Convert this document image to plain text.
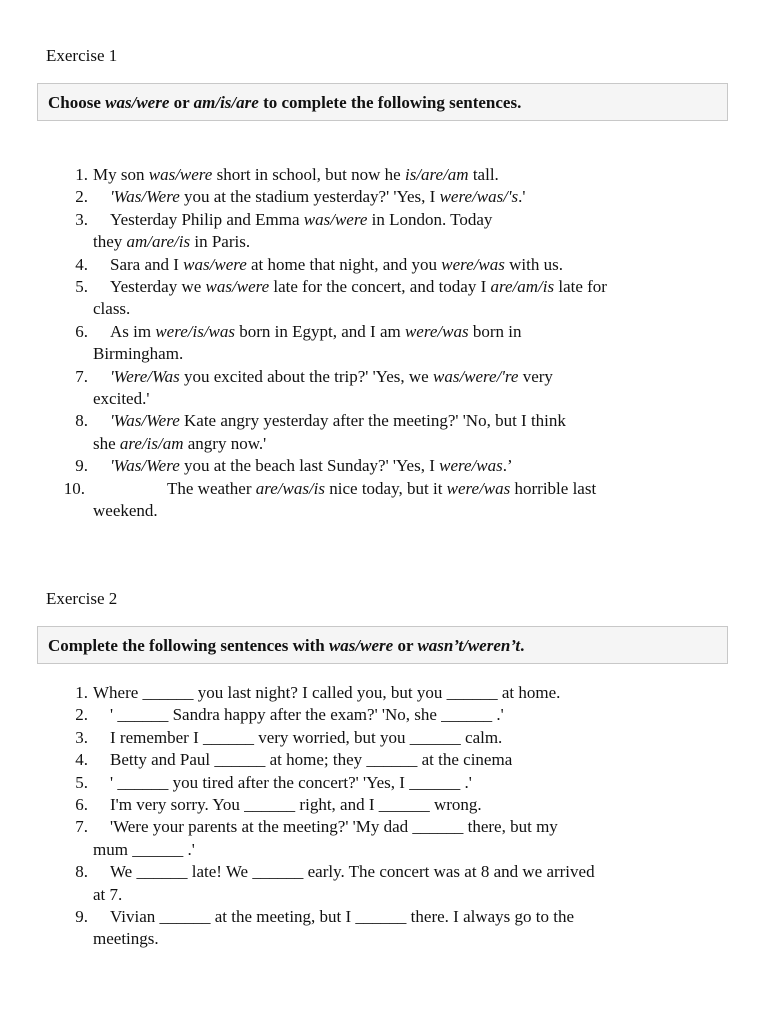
Exercise 1
Choose was/were or am/is/are to complete the following sentences.
1. My son was/were short in school, but now he is/are/am tall.
2. 'Was/Were you at the stadium yesterday?' 'Yes, I were/was/'s.'
3. Yesterday Philip and Emma was/were in London. Today
they am/are/is in Paris.
4. Sara and I was/were at home that night, and you were/was with us.
5. Yesterday we was/were late for the concert, and today I are/am/is late for
class.
6. As im were/is/was born in Egypt, and I am were/was born in
Birmingham.
7. 'Were/Was you excited about the trip?' 'Yes, we was/were/'re very
excited.'
8. 'Was/Were Kate angry yesterday after the meeting?' 'No, but I think
she are/is/am angry now.'
9. 'Was/Were you at the beach last Sunday?' 'Yes, I were/was.’
10.	The weather are/was/is nice today, but it were/was horrible last
weekend.
Exercise 2
Complete the following sentences with was/were or wasn’t/weren’t.
1. Where ______ you last night? I called you, but you ______ at home.
2. ' ______ Sandra happy after the exam?' 'No, she ______ .'
3. I remember I ______ very worried, but you ______ calm.
4. Betty and Paul ______ at home; they ______ at the cinema
5. ' ______ you tired after the concert?' 'Yes, I ______ .'
6. I'm very sorry. You ______ right, and I ______ wrong.
7. 'Were your parents at the meeting?' 'My dad ______ there, but my
mum ______ .'
8. We ______ late! We ______ early. The concert was at 8 and we arrived
at 7.
9. Vivian ______ at the meeting, but I ______ there. I always go to the
meetings.
